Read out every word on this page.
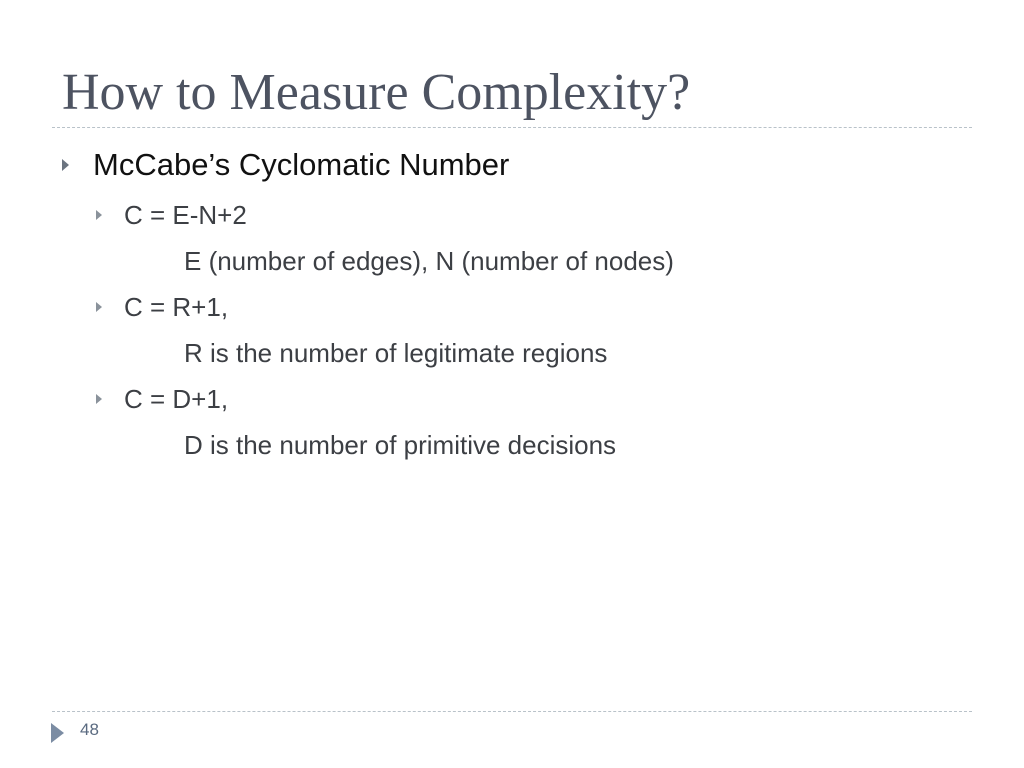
How to Measure Complexity?
McCabe’s Cyclomatic Number
C = E-N+2
E (number of edges), N (number of nodes)
C = R+1,
R is the number of legitimate regions
C = D+1,
D is the number of primitive decisions
48
